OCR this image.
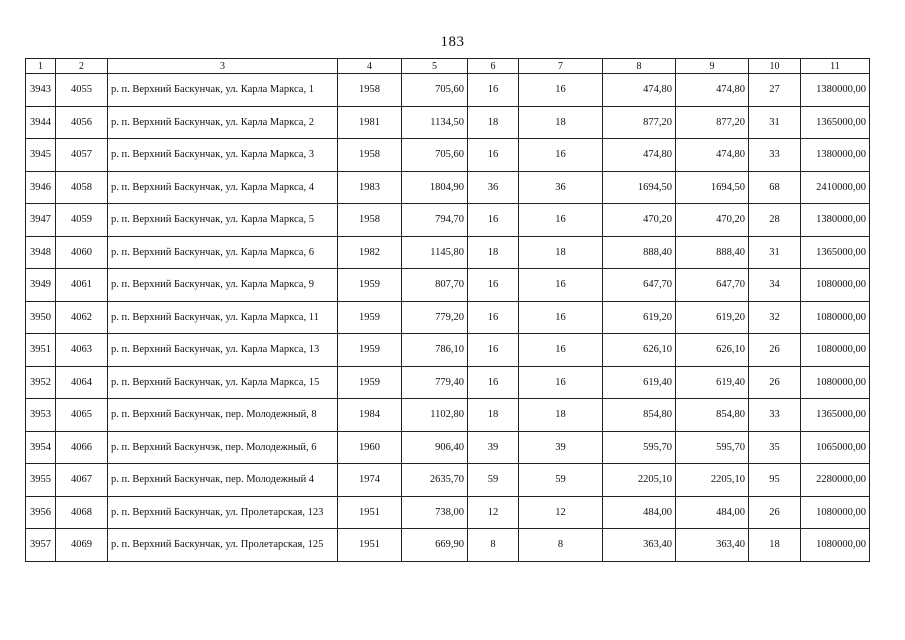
183
1	2	3	4	5	6	7	8	9	10	11
3943	4055	р. п. Верхний Баскунчак, ул. Карла Маркса, 1	1958	705,60	16	16	474,80	474,80	27	1380000,00
3944	4056	р. п. Верхний Баскунчак, ул. Карла Маркса, 2	1981	1134,50	18	18	877,20	877,20	31	1365000,00
3945	4057	р. п. Верхний Баскунчак, ул. Карла Маркса, 3	1958	705,60	16	16	474,80	474,80	33	1380000,00
3946	4058	р. п. Верхний Баскунчак, ул. Карла Маркса, 4	1983	1804,90	36	36	1694,50	1694,50	68	2410000,00
3947	4059	р. п. Верхний Баскунчак, ул. Карла Маркса, 5	1958	794,70	16	16	470,20	470,20	28	1380000,00
3948	4060	р. п. Верхний Баскунчак, ул. Карла Маркса, 6	1982	1145,80	18	18	888,40	888,40	31	1365000,00
3949	4061	р. п. Верхний Баскунчак, ул. Карла Маркса, 9	1959	807,70	16	16	647,70	647,70	34	1080000,00
3950	4062	р. п. Верхний Баскунчак, ул. Карла Маркса, 11	1959	779,20	16	16	619,20	619,20	32	1080000,00
3951	4063	р. п. Верхний Баскунчак, ул. Карла Маркса, 13	1959	786,10	16	16	626,10	626,10	26	1080000,00
3952	4064	р. п. Верхний Баскунчак, ул. Карла Маркса, 15	1959	779,40	16	16	619,40	619,40	26	1080000,00
3953	4065	р. п. Верхний Баскунчак, пер. Молодежный, 8	1984	1102,80	18	18	854,80	854,80	33	1365000,00
3954	4066	р. п. Верхний Баскунчэк, пер. Молодежный, 6	1960	906,40	39	39	595,70	595,70	35	1065000,00
3955	4067	р. п. Верхний Баскунчак, пер. Молодежный 4	1974	2635,70	59	59	2205,10	2205,10	95	2280000,00
3956	4068	р. п. Верхний Баскунчак, ул. Пролетарская, 123	1951	738,00	12	12	484,00	484,00	26	1080000,00
3957	4069	р. п. Верхний Баскунчак, ул. Пролетарская, 125	1951	669,90	8	8	363,40	363,40	18	1080000,00
